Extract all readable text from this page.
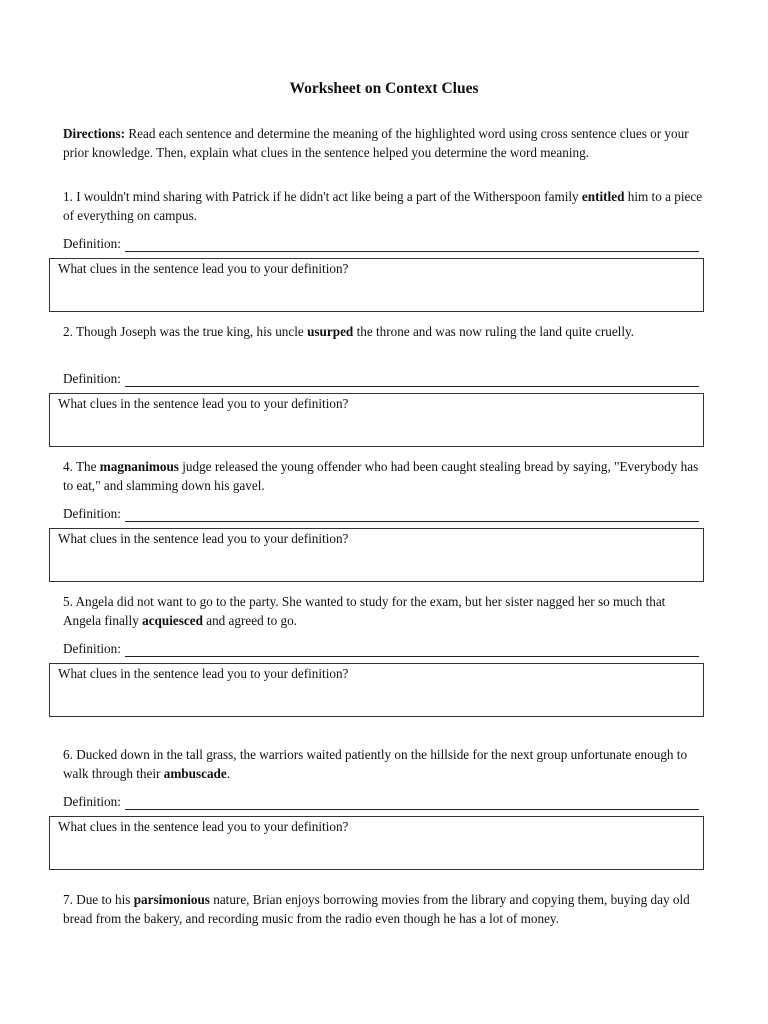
Worksheet on Context Clues
Directions: Read each sentence and determine the meaning of the highlighted word using cross sentence clues or your prior knowledge. Then, explain what clues in the sentence helped you determine the word meaning.
1. I wouldn't mind sharing with Patrick if he didn't act like being a part of the Witherspoon family entitled him to a piece of everything on campus.
Definition:
What clues in the sentence lead you to your definition?
2. Though Joseph was the true king, his uncle usurped the throne and was now ruling the land quite cruelly.
Definition:
What clues in the sentence lead you to your definition?
4. The magnanimous judge released the young offender who had been caught stealing bread by saying, "Everybody has to eat," and slamming down his gavel.
Definition:
What clues in the sentence lead you to your definition?
5. Angela did not want to go to the party. She wanted to study for the exam, but her sister nagged her so much that Angela finally acquiesced and agreed to go.
Definition:
What clues in the sentence lead you to your definition?
6. Ducked down in the tall grass, the warriors waited patiently on the hillside for the next group unfortunate enough to walk through their ambuscade.
Definition:
What clues in the sentence lead you to your definition?
7. Due to his parsimonious nature, Brian enjoys borrowing movies from the library and copying them, buying day old bread from the bakery, and recording music from the radio even though he has a lot of money.
